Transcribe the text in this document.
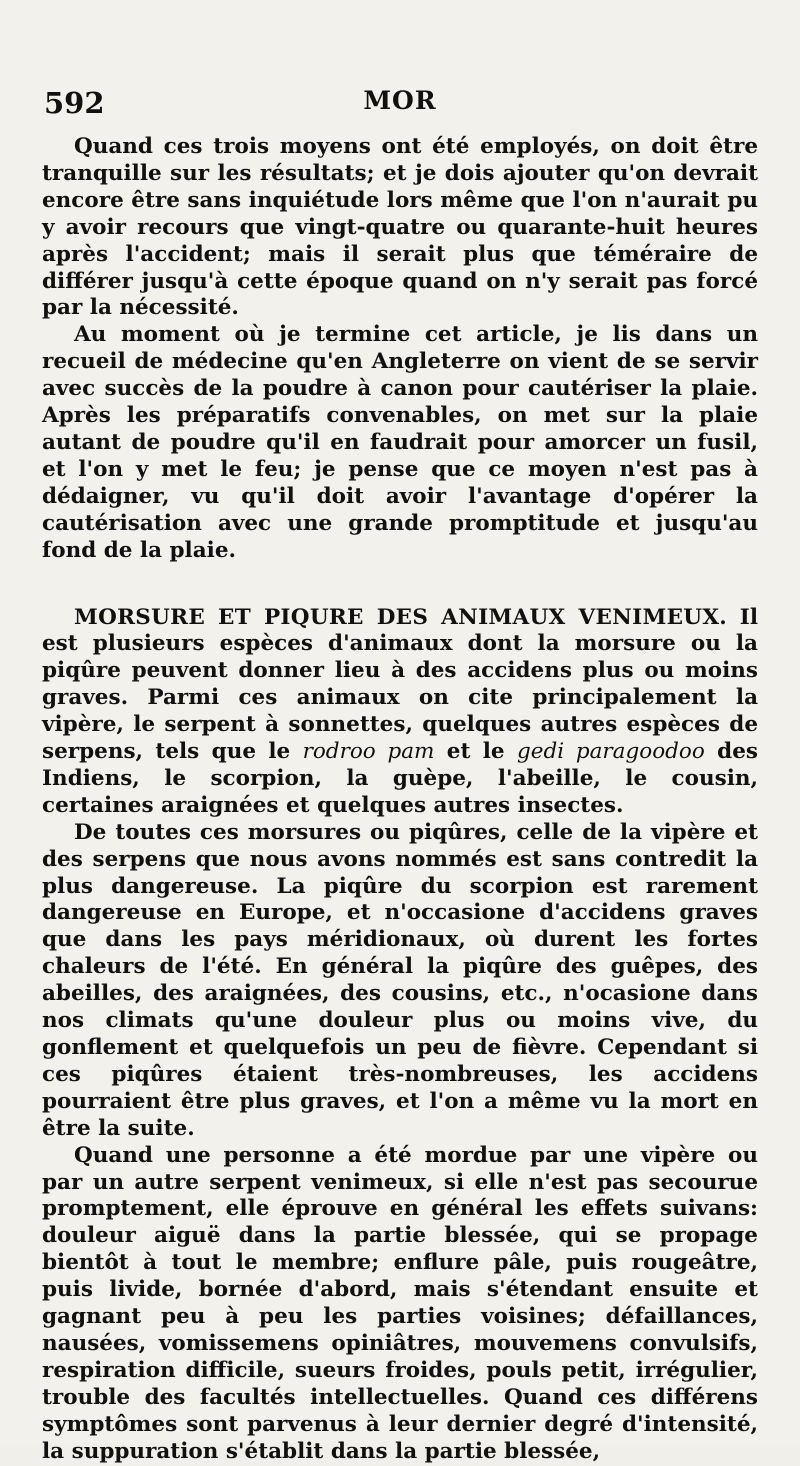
592	MOR

Quand ces trois moyens ont été employés, on doit être tranquille sur les résultats; et je dois ajouter qu'on devrait encore être sans inquiétude lors même que l'on n'aurait pu y avoir recours que vingt-quatre ou quarante-huit heures après l'accident; mais il serait plus que téméraire de différer jusqu'à cette époque quand on n'y serait pas forcé par la nécessité.

Au moment où je termine cet article, je lis dans un recueil de médecine qu'en Angleterre on vient de se servir avec succès de la poudre à canon pour cautériser la plaie. Après les préparatifs convenables, on met sur la plaie autant de poudre qu'il en faudrait pour amorcer un fusil, et l'on y met le feu; je pense que ce moyen n'est pas à dédaigner, vu qu'il doit avoir l'avantage d'opérer la cautérisation avec une grande promptitude et jusqu'au fond de la plaie.

MORSURE ET PIQURE DES ANIMAUX VENIMEUX. Il est plusieurs espèces d'animaux dont la morsure ou la piqûre peuvent donner lieu à des accidens plus ou moins graves. Parmi ces animaux on cite principalement la vipère, le serpent à sonnettes, quelques autres espèces de serpens, tels que le rodroo pam et le gedi paragoodoo des Indiens, le scorpion, la guèpe, l'abeille, le cousin, certaines araignées et quelques autres insectes.

De toutes ces morsures ou piqûres, celle de la vipère et des serpens que nous avons nommés est sans contredit la plus dangereuse. La piqûre du scorpion est rarement dangereuse en Europe, et n'occasione d'accidens graves que dans les pays méridionaux, où durent les fortes chaleurs de l'été. En général la piqûre des guêpes, des abeilles, des araignées, des cousins, etc., n'ocasione dans nos climats qu'une douleur plus ou moins vive, du gonflement et quelquefois un peu de fièvre. Cependant si ces piqûres étaient très-nombreuses, les accidens pourraient être plus graves, et l'on a même vu la mort en être la suite.

Quand une personne a été mordue par une vipère ou par un autre serpent venimeux, si elle n'est pas secourue promptement, elle éprouve en général les effets suivans: douleur aiguë dans la partie blessée, qui se propage bientôt à tout le membre; enflure pâle, puis rougeâtre, puis livide, bornée d'abord, mais s'étendant ensuite et gagnant peu à peu les parties voisines; défaillances, nausées, vomissemens opiniâtres, mouvemens convulsifs, respiration difficile, sueurs froides, pouls petit, irrégulier, trouble des facultés intellectuelles. Quand ces différens symptômes sont parvenus à leur dernier degré d'intensité, la suppuration s'établit dans la partie blessée,
